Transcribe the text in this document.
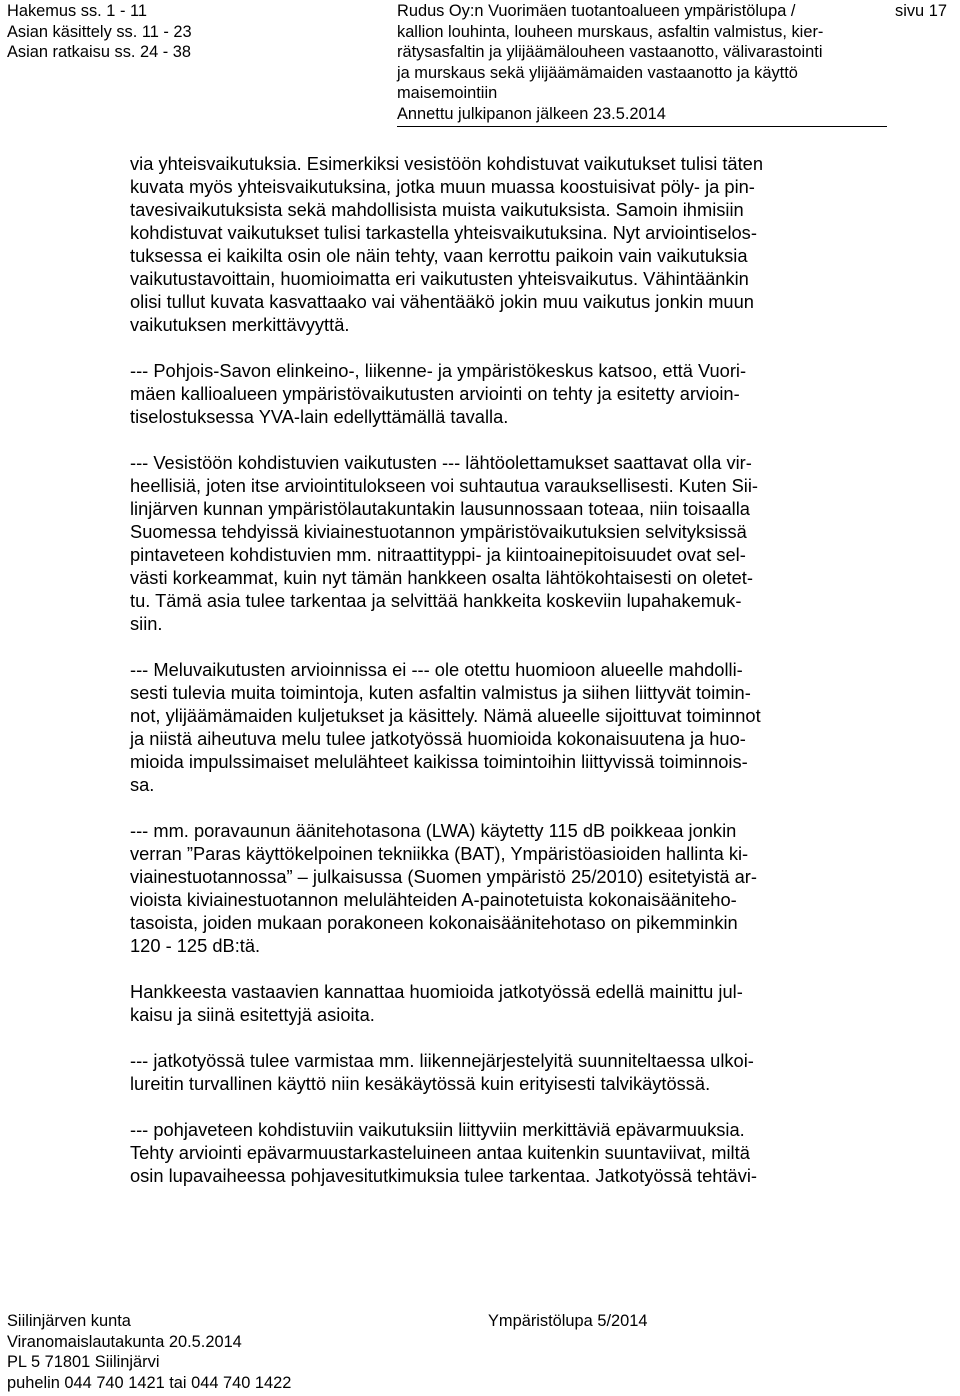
Hakemus ss. 1 - 11
Asian käsittely ss. 11 - 23
Asian ratkaisu ss. 24 - 38
Rudus Oy:n Vuorimäen tuotantoalueen ympäristölupa /
kallion louhinta, louheen murskaus, asfaltin valmistus, kier-
rätysasfaltin ja ylijäämälouheen vastaanotto, välivarastointi
ja murskaus sekä ylijäämämaiden vastaanotto ja käyttö
maisemointiin
Annettu julkipanon jälkeen 23.5.2014
sivu 17
via yhteisvaikutuksia. Esimerkiksi vesistöön kohdistuvat vaikutukset tulisi täten
kuvata myös yhteisvaikutuksina, jotka muun muassa koostuisivat pöly- ja pin-
tavesivaikutuksista sekä mahdollisista muista vaikutuksista. Samoin ihmisiin
kohdistuvat vaikutukset tulisi tarkastella yhteisvaikutuksina. Nyt arviointiselos-
tuksessa ei kaikilta osin ole näin tehty, vaan kerrottu paikoin vain vaikutuksia
vaikutustavoittain, huomioimatta eri vaikutusten yhteisvaikutus. Vähintäänkin
olisi tullut kuvata kasvattaako vai vähentääkö jokin muu vaikutus jonkin muun
vaikutuksen merkittävyyttä.
--- Pohjois-Savon elinkeino-, liikenne- ja ympäristökeskus katsoo, että Vuori-
mäen kallioalueen ympäristövaikutusten arviointi on tehty ja esitetty arvioin-
tiselostuksessa YVA-lain edellyttämällä tavalla.
--- Vesistöön kohdistuvien vaikutusten --- lähtöolettamukset saattavat olla vir-
heellisiä, joten itse arviointitulokseen voi suhtautua varauksellisesti. Kuten Sii-
linjärven kunnan ympäristölautakuntakin lausunnossaan toteaa, niin toisaalla
Suomessa tehdyissä kiviainestuotannon ympäristövaikutuksien selvityksissä
pintaveteen kohdistuvien mm. nitraattityppi- ja kiintoainepitoisuudet ovat sel-
västi korkeammat, kuin nyt tämän hankkeen osalta lähtökohtaisesti on oletet-
tu. Tämä asia tulee tarkentaa ja selvittää hankkeita koskeviin lupahakemuk-
siin.
--- Meluvaikutusten arvioinnissa ei --- ole otettu huomioon alueelle mahdolli-
sesti tulevia muita toimintoja, kuten asfaltin valmistus ja siihen liittyvät toimin-
not, ylijäämämaiden kuljetukset ja käsittely. Nämä alueelle sijoittuvat toiminnot
ja niistä aiheutuva melu tulee jatkotyössä huomioida kokonaisuutena ja huo-
mioida impulssimaiset melulähteet kaikissa toimintoihin liittyvissä toiminnois-
sa.
--- mm. poravaunun äänitehotasona (LWA) käytetty 115 dB poikkeaa jonkin
verran ”Paras käyttökelpoinen tekniikka (BAT), Ympäristöasioiden hallinta ki-
viainestuotannossa” – julkaisussa (Suomen ympäristö 25/2010) esitetyistä ar-
vioista kiviainestuotannon melulähteiden A-painotetuista kokonaisäänitehо-
tasoista, joiden mukaan porakoneen kokonaisäänitehotaso on pikemminkin
120 - 125 dB:tä.
Hankkeesta vastaavien kannattaa huomioida jatkotyössä edellä mainittu jul-
kaisu ja siinä esitettyjä asioita.
--- jatkotyössä tulee varmistaa mm. liikennejärjestelyitä suunniteltaessa ulkoi-
lureitin turvallinen käyttö niin kesäkäytössä kuin erityisesti talvikäytössä.
--- pohjaveteen kohdistuviin vaikutuksiin liittyviin merkittäviä epävarmuuksia.
Tehty arviointi epävarmuustarkasteluineen antaa kuitenkin suuntaviivat, miltä
osin lupavaiheessa pohjavesitutkimuksia tulee tarkentaa. Jatkotyössä tehtävi-
Siilinjärven kunta
Viranomaislautakunta 20.5.2014
PL 5 71801 Siilinjärvi
puhelin 044 740 1421 tai 044 740 1422
Ympäristölupa 5/2014
